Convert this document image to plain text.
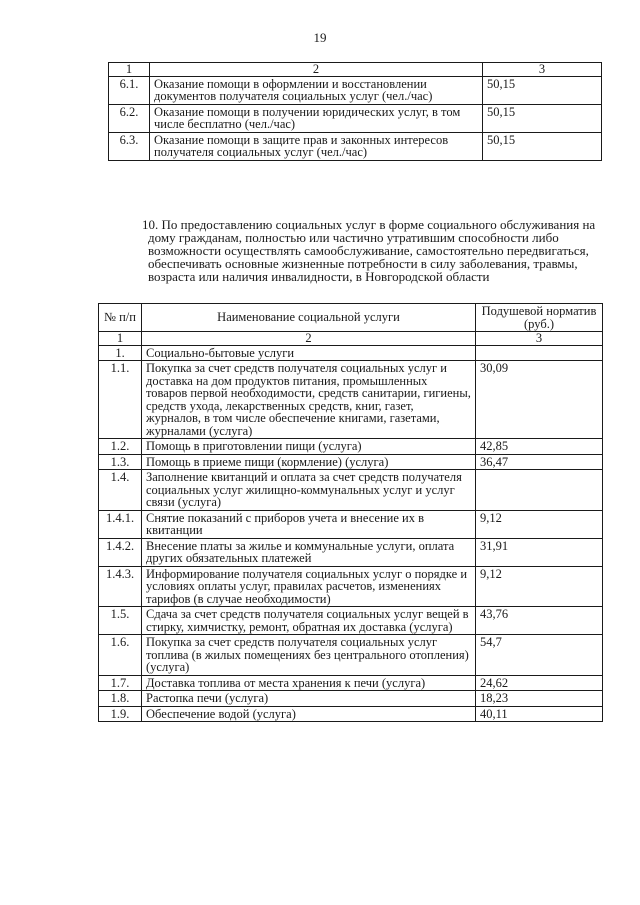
19
1	2	3
6.1.	Оказание помощи в оформлении и восстановлении документов получателя социальных услуг (чел./час)	50,15
6.2.	Оказание помощи в получении юридических услуг, в том числе бесплатно (чел./час)	50,15
6.3.	Оказание помощи в защите прав и законных интересов получателя социальных услуг (чел./час)	50,15

10. По предоставлению социальных услуг в форме социального обслуживания на дому гражданам, полностью или частично утратившим способности либо возможности осуществлять самообслуживание, самостоятельно передвигаться, обеспечивать основные жизненные потребности в силу заболевания, травмы, возраста или наличия инвалидности, в Новгородской области

№ п/п	Наименование социальной услуги	Подушевой норматив (руб.)
1	2	3
1.	Социально-бытовые услуги	
1.1.	Покупка за счет средств получателя социальных услуг и доставка на дом продуктов питания, промышленных товаров первой необходимости, средств санитарии, гигиены, средств ухода, лекарственных средств, книг, газет, журналов, в том числе обеспечение книгами, газетами, журналами (услуга)	30,09
1.2.	Помощь в приготовлении пищи (услуга)	42,85
1.3.	Помощь в приеме пищи (кормление) (услуга)	36,47
1.4.	Заполнение квитанций и оплата за счет средств получателя социальных услуг жилищно-коммунальных услуг и услуг связи (услуга)	
1.4.1.	Снятие показаний с приборов учета и внесение их в квитанции	9,12
1.4.2.	Внесение платы за жилье и коммунальные услуги, оплата других обязательных платежей	31,91
1.4.3.	Информирование получателя социальных услуг о порядке и условиях оплаты услуг, правилах расчетов, изменениях тарифов (в случае необходимости)	9,12
1.5.	Сдача за счет средств получателя социальных услуг вещей в стирку, химчистку, ремонт, обратная их доставка (услуга)	43,76
1.6.	Покупка за счет средств получателя социальных услуг топлива (в жилых помещениях без центрального отопления) (услуга)	54,7
1.7.	Доставка топлива от места хранения к печи (услуга)	24,62
1.8.	Растопка печи (услуга)	18,23
1.9.	Обеспечение водой (услуга)	40,11
